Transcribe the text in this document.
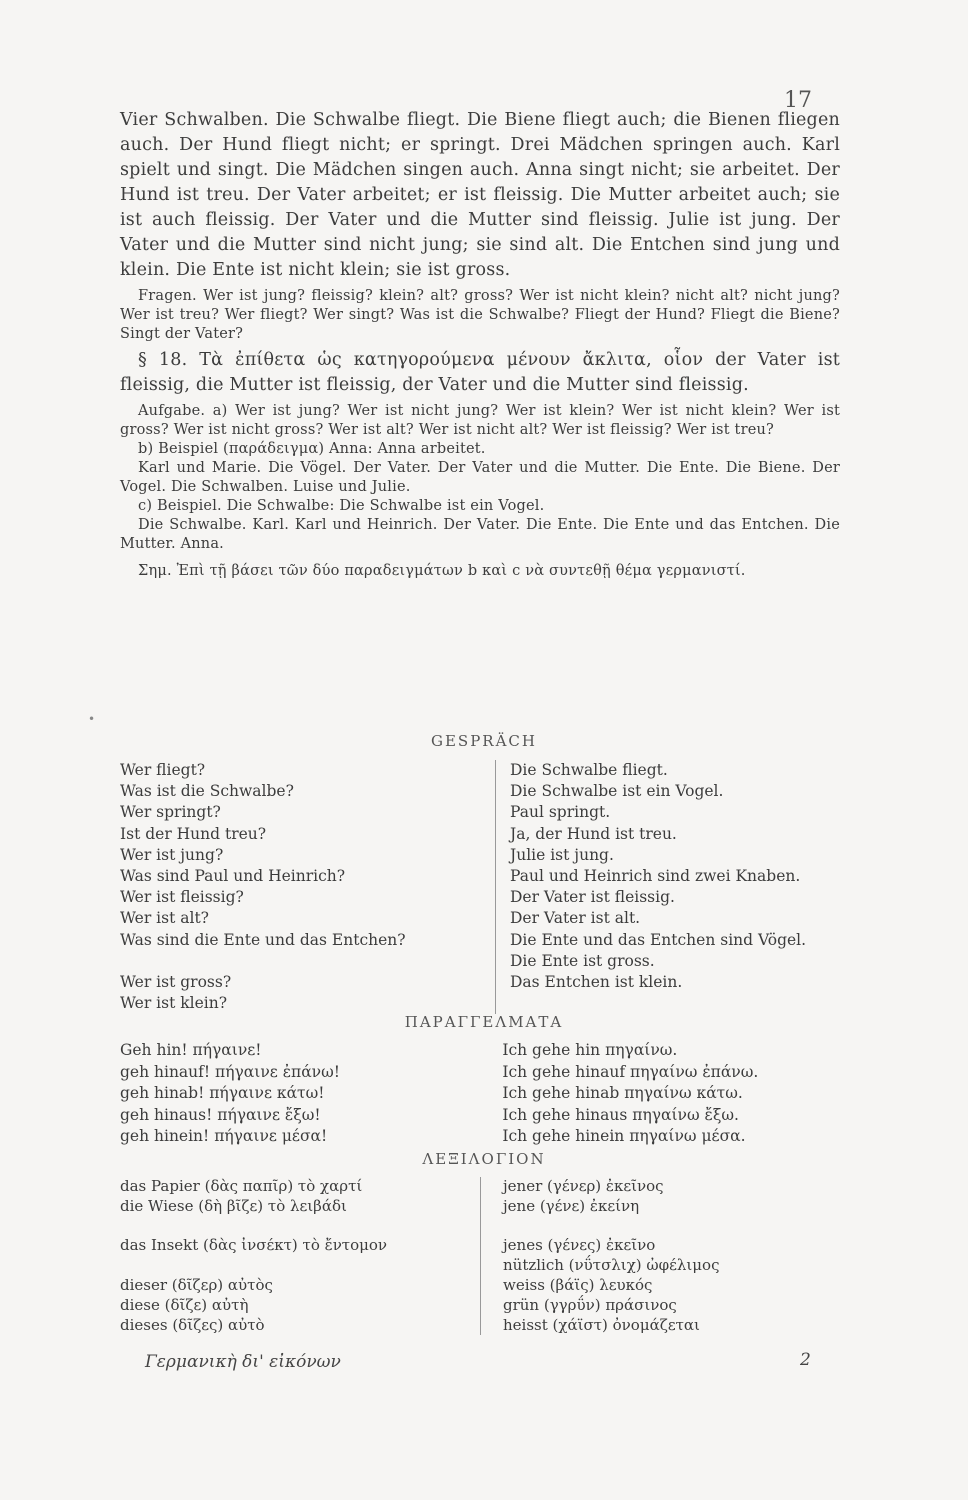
17

Vier Schwalben. Die Schwalbe fliegt. Die Biene fliegt auch; die Bienen fliegen auch. Der Hund fliegt nicht; er springt. Drei Mädchen springen auch. Karl spielt und singt. Die Mädchen singen auch. Anna singt nicht; sie arbeitet. Der Hund ist treu. Der Vater arbeitet; er ist fleissig. Die Mutter arbeitet auch; sie ist auch fleissig. Der Vater und die Mutter sind fleissig. Julie ist jung. Der Vater und die Mutter sind nicht jung; sie sind alt. Die Entchen sind jung und klein. Die Ente ist nicht klein; sie ist gross.

Fragen. Wer ist jung? fleissig? klein? alt? gross? Wer ist nicht klein? nicht alt? nicht jung? Wer ist treu? Wer fliegt? Wer singt? Was ist die Schwalbe? Fliegt der Hund? Fliegt die Biene? Singt der Vater?

§ 18. Τὰ ἐπίθετα ὡς κατηγορούμενα μένουν ἄκλιτα, οἷον der Vater ist fleissig, die Mutter ist fleissig, der Vater und die Mutter sind fleissig.

Aufgabe. a) Wer ist jung? Wer ist nicht jung? Wer ist klein? Wer ist nicht klein? Wer ist gross? Wer ist nicht gross? Wer ist alt? Wer ist nicht alt? Wer ist fleissig? Wer ist treu?

b) Beispiel (παράδειγμα) Anna: Anna arbeitet.

Karl und Marie. Die Vögel. Der Vater. Der Vater und die Mutter. Die Ente. Die Biene. Der Vogel. Die Schwalben. Luise und Julie.

c) Beispiel. Die Schwalbe: Die Schwalbe ist ein Vogel.

Die Schwalbe. Karl. Karl und Heinrich. Der Vater. Die Ente. Die Ente und das Entchen. Die Mutter. Anna.

Σημ. Ἐπὶ τῇ βάσει τῶν δύο παραδειγμάτων b καὶ c νὰ συντεθῇ θέμα γερμανιστί.

•
GESPRÄCH
Wer fliegt?
Was ist die Schwalbe?
Wer springt?
Ist der Hund treu?
Wer ist jung?
Was sind Paul und Heinrich?
Wer ist fleissig?
Wer ist alt?
Was sind die Ente und das Entchen?

Wer ist gross?
Wer ist klein?
Die Schwalbe fliegt.
Die Schwalbe ist ein Vogel.
Paul springt.
Ja, der Hund ist treu.
Julie ist jung.
Paul und Heinrich sind zwei Knaben.
Der Vater ist fleissig.
Der Vater ist alt.
Die Ente und das Entchen sind Vögel.
Die Ente ist gross.
Das Entchen ist klein.
ΠΑΡΑΓΓΕΛΜΑΤΑ
Geh hin! πήγαινε!
geh hinauf! πήγαινε ἐπάνω!
geh hinab! πήγαινε κάτω!
geh hinaus! πήγαινε ἔξω!
geh hinein! πήγαινε μέσα!
Ich gehe hin πηγαίνω.
Ich gehe hinauf πηγαίνω ἐπάνω.
Ich gehe hinab πηγαίνω κάτω.
Ich gehe hinaus πηγαίνω ἔξω.
Ich gehe hinein πηγαίνω μέσα.
ΛΕΞΙΛΟΓΙΟΝ
das Papier (δὰς παπῖρ) τὸ χαρτί
die Wiese (δὴ βῖζε) τὸ λειβάδι
das Insekt (δὰς ἰνσέκτ) τὸ ἔντομον
dieser (δῖζερ) αὐτὸς
diese (δῖζε) αὐτὴ
dieses (δῖζες) αὐτὸ
jener (γένερ) ἐκεῖνος
jene (γένε) ἐκείνη
jenes (γένες) ἐκεῖνο
nützlich (νΰτσλιχ) ὠφέλιμος
weiss (βάϊς) λευκός
grün (γγρΰν) πράσινος
heisst (χάϊστ) ὀνομάζεται
Γερμανικὴ δι' εἰκόνων	2
